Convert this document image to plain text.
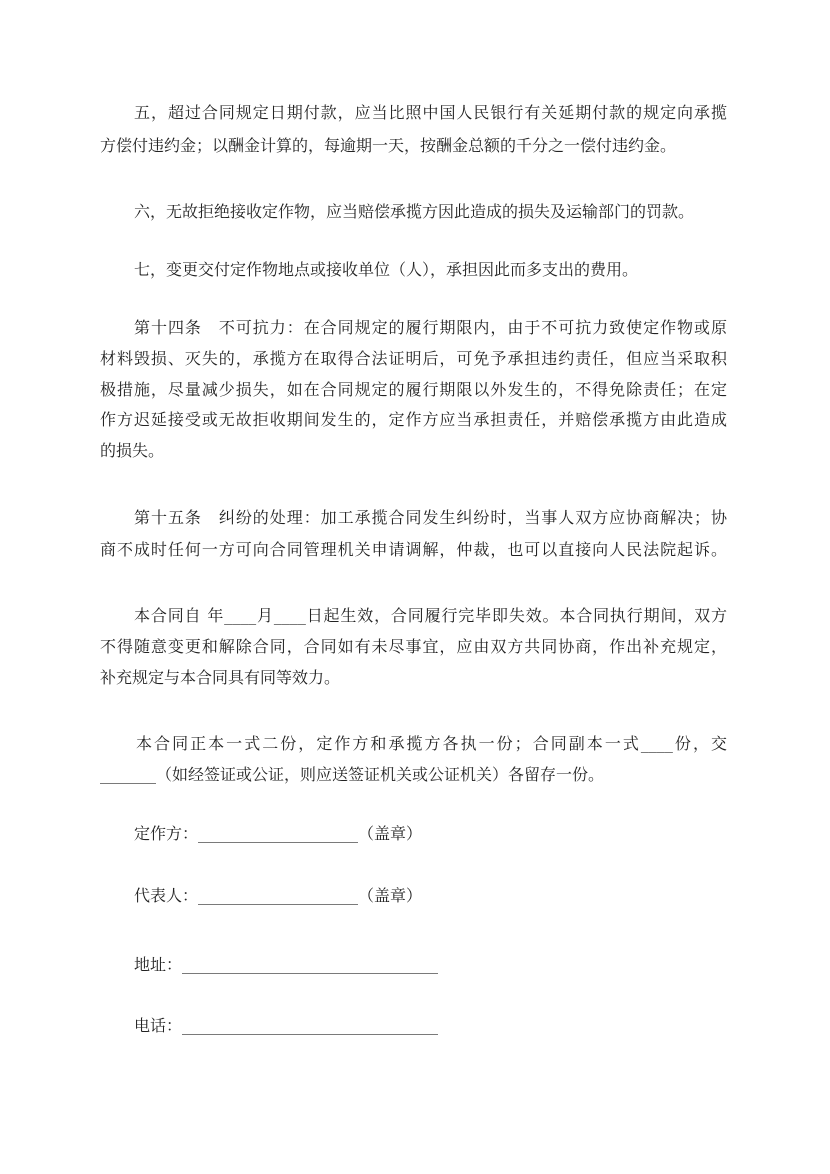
五，超过合同规定日期付款，应当比照中国人民银行有关延期付款的规定向承揽
方偿付违约金；以酬金计算的，每逾期一天，按酬金总额的千分之一偿付违约金。
六，无故拒绝接收定作物，应当赔偿承揽方因此造成的损失及运输部门的罚款。
七，变更交付定作物地点或接收单位（人），承担因此而多支出的费用。
第十四条　不可抗力：在合同规定的履行期限内，由于不可抗力致使定作物或原
材料毁损、灭失的，承揽方在取得合法证明后，可免予承担违约责任，但应当采取积
极措施，尽量减少损失，如在合同规定的履行期限以外发生的，不得免除责任；在定
作方迟延接受或无故拒收期间发生的，定作方应当承担责任，并赔偿承揽方由此造成
的损失。
第十五条　纠纷的处理：加工承揽合同发生纠纷时，当事人双方应协商解决；协
商不成时任何一方可向合同管理机关申请调解，仲裁，也可以直接向人民法院起诉。
本合同自 年____月____日起生效，合同履行完毕即失效。本合同执行期间，双方
不得随意变更和解除合同，合同如有未尽事宜，应由双方共同协商，作出补充规定，
补充规定与本合同具有同等效力。
本合同正本一式二份，定作方和承揽方各执一份；合同副本一式____份，交
_______（如经签证或公证，则应送签证机关或公证机关）各留存一份。
定作方：____________________（盖章）
代表人：____________________（盖章）
地址：________________________________
电话：________________________________
